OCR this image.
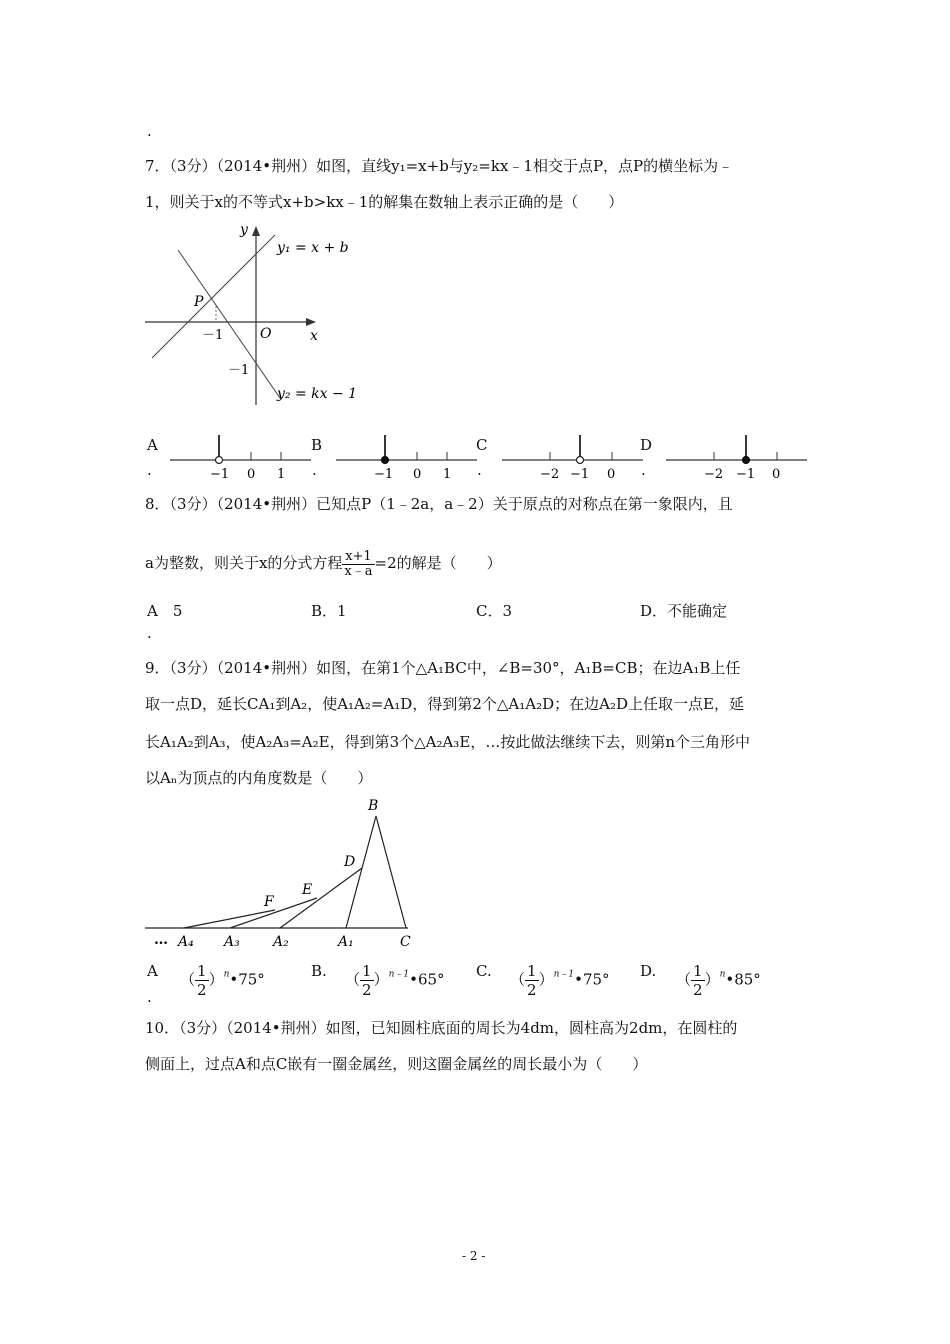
.
7．（3分）（2014•荆州）如图，直线y₁=x+b与y₂=kx﹣1相交于点P，点P的横坐标为﹣
1，则关于x的不等式x+b>kx﹣1的解集在数轴上表示正确的是（　　）
y
x
O
P
－1
－1
y₁ = x + b
y₂ = kx − 1
A
.	−1 0 1
B
.	−1 0 1
C
.	−2 −1 0
D
.	−2 −1 0
8．（3分）（2014•荆州）已知点P（1﹣2a，a﹣2）关于原点的对称点在第一象限内，且
a为整数，则关于x的分式方程 $\frac{x+1}{x﹣a} =2$的解是（　　）
A　5
.
B．1	C．3	D．不能确定
9．（3分）（2014•荆州）如图，在第1个△A₁BC中，∠B=30°，A₁B=CB；在边A₁B上任
取一点D，延长CA₁到A₂，使A₁A₂=A₁D，得到第2个△A₁A₂D；在边A₂D上任取一点E，延
长A₁A₂到A₃，使A₂A₃=A₂E，得到第3个△A₂A₃E，…按此做法继续下去，则第n个三角形中
以Aₙ为顶点的内角度数是（　　）
B
D
E
F
… A₄ A₃ A₂	A₁	C
A
.
（ $\frac{1}{2}$ ）$^n$•75°	B. （ $\frac{1}{2}$ ）$^{n﹣1}$•65° C. （ $\frac{1}{2}$ ）$^{n﹣1}$•75° D. （ $\frac{1}{2}$ ）$^n$•85°
10．（3分）（2014•荆州）如图，已知圆柱底面的周长为4dm，圆柱高为2dm，在圆柱的
侧面上，过点A和点C嵌有一圈金属丝，则这圈金属丝的周长最小为（　　）
- 2 -
